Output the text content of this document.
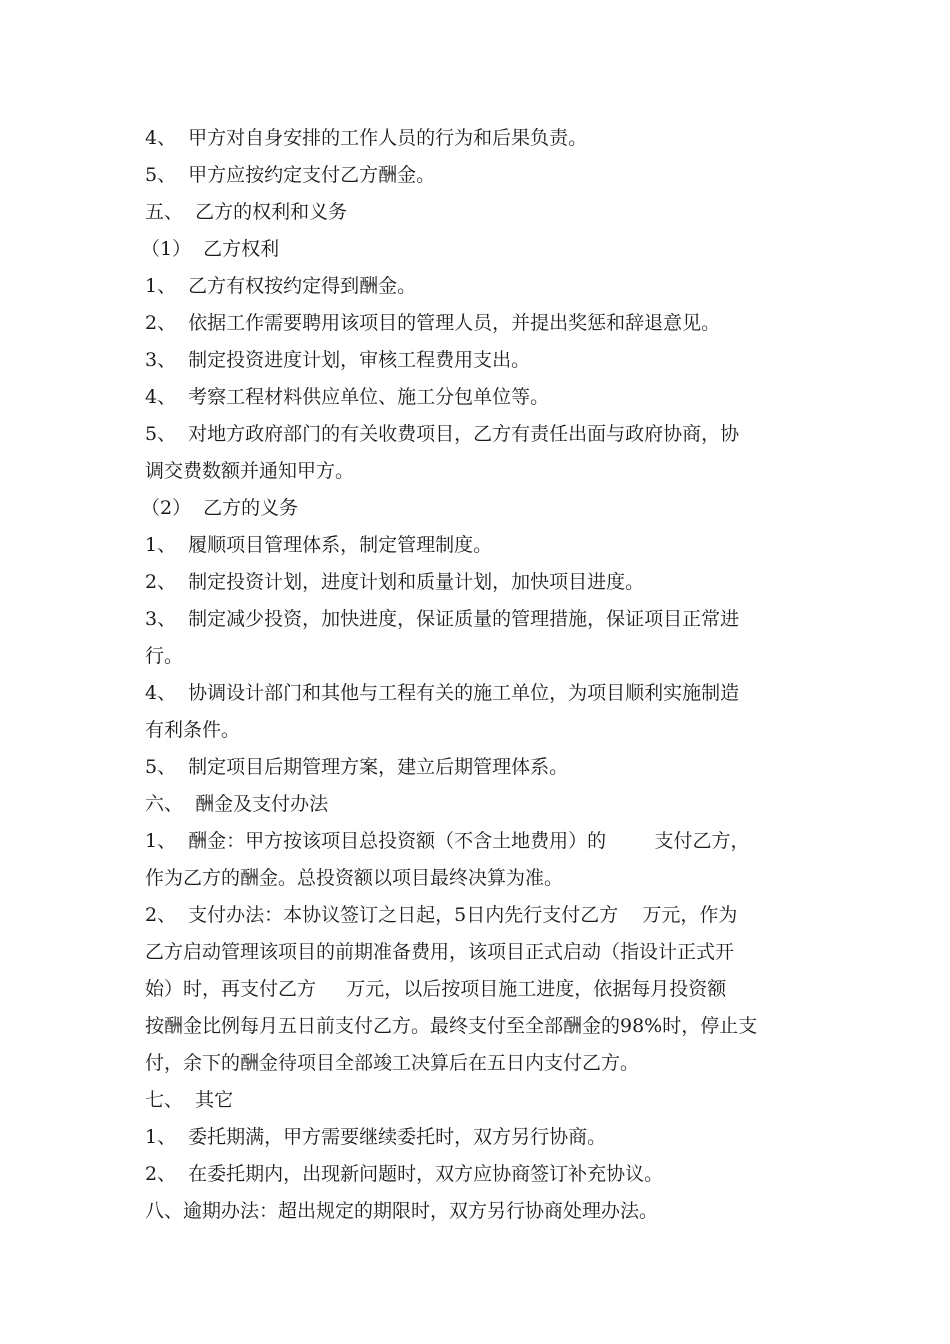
4、  甲方对自身安排的工作人员的行为和后果负责。
5、  甲方应按约定支付乙方酬金。
五、  乙方的权利和义务
（1）  乙方权利
1、  乙方有权按约定得到酬金。
2、  依据工作需要聘用该项目的管理人员，并提出奖惩和辞退意见。
3、  制定投资进度计划，审核工程费用支出。
4、  考察工程材料供应单位、施工分包单位等。
5、  对地方政府部门的有关收费项目，乙方有责任出面与政府协商，协
调交费数额并通知甲方。
（2）  乙方的义务
1、  履顺项目管理体系，制定管理制度。
2、  制定投资计划，进度计划和质量计划，加快项目进度。
3、  制定减少投资，加快进度，保证质量的管理措施，保证项目正常进
行。
4、  协调设计部门和其他与工程有关的施工单位，为项目顺利实施制造
有利条件。
5、  制定项目后期管理方案，建立后期管理体系。
六、  酬金及支付办法
1、  酬金：甲方按该项目总投资额（不含土地费用）的        支付乙方，
作为乙方的酬金。总投资额以项目最终决算为准。
2、  支付办法：本协议签订之日起，5日内先行支付乙方    万元，作为
乙方启动管理该项目的前期准备费用，该项目正式启动（指设计正式开
始）时，再支付乙方     万元，以后按项目施工进度，依据每月投资额
按酬金比例每月五日前支付乙方。最终支付至全部酬金的98%时，停止支
付，余下的酬金待项目全部竣工决算后在五日内支付乙方。
七、  其它
1、  委托期满，甲方需要继续委托时，双方另行协商。
2、  在委托期内，出现新问题时，双方应协商签订补充协议。
八、逾期办法：超出规定的期限时，双方另行协商处理办法。
